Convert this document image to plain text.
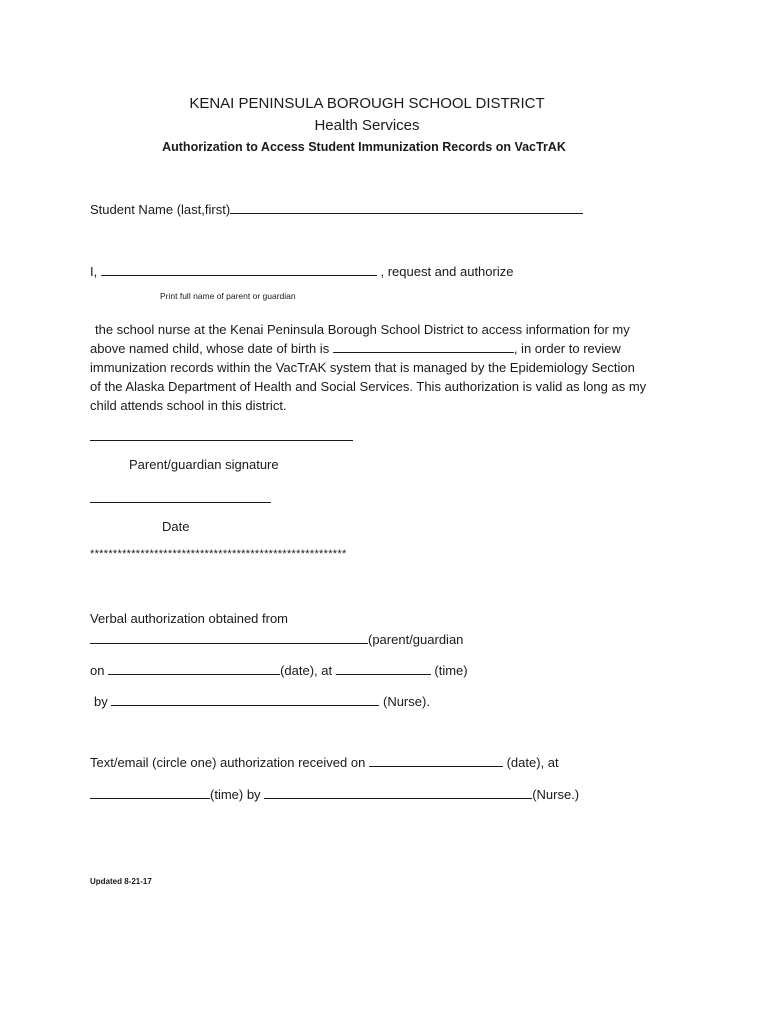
KENAI PENINSULA BOROUGH SCHOOL DISTRICT
Health Services
Authorization to Access Student Immunization Records on VacTrAK
Student Name (last,first)
I,	, request and authorize
Print full name of parent or guardian
the school nurse at the Kenai Peninsula Borough School District to access information for my
above named child, whose date of birth is	, in order to review
immunization records within the VacTrAK system that is managed by the Epidemiology Section
of the Alaska Department of Health and Social Services. This authorization is valid as long as my
child attends school in this district.
Parent/guardian signature
Date
********************************************************
Verbal authorization obtained from
(parent/guardian
on	(date), at	(time)
by	(Nurse).
Text/email (circle one) authorization received on	(date), at
(time) by	(Nurse.)
Updated 8-21-17
